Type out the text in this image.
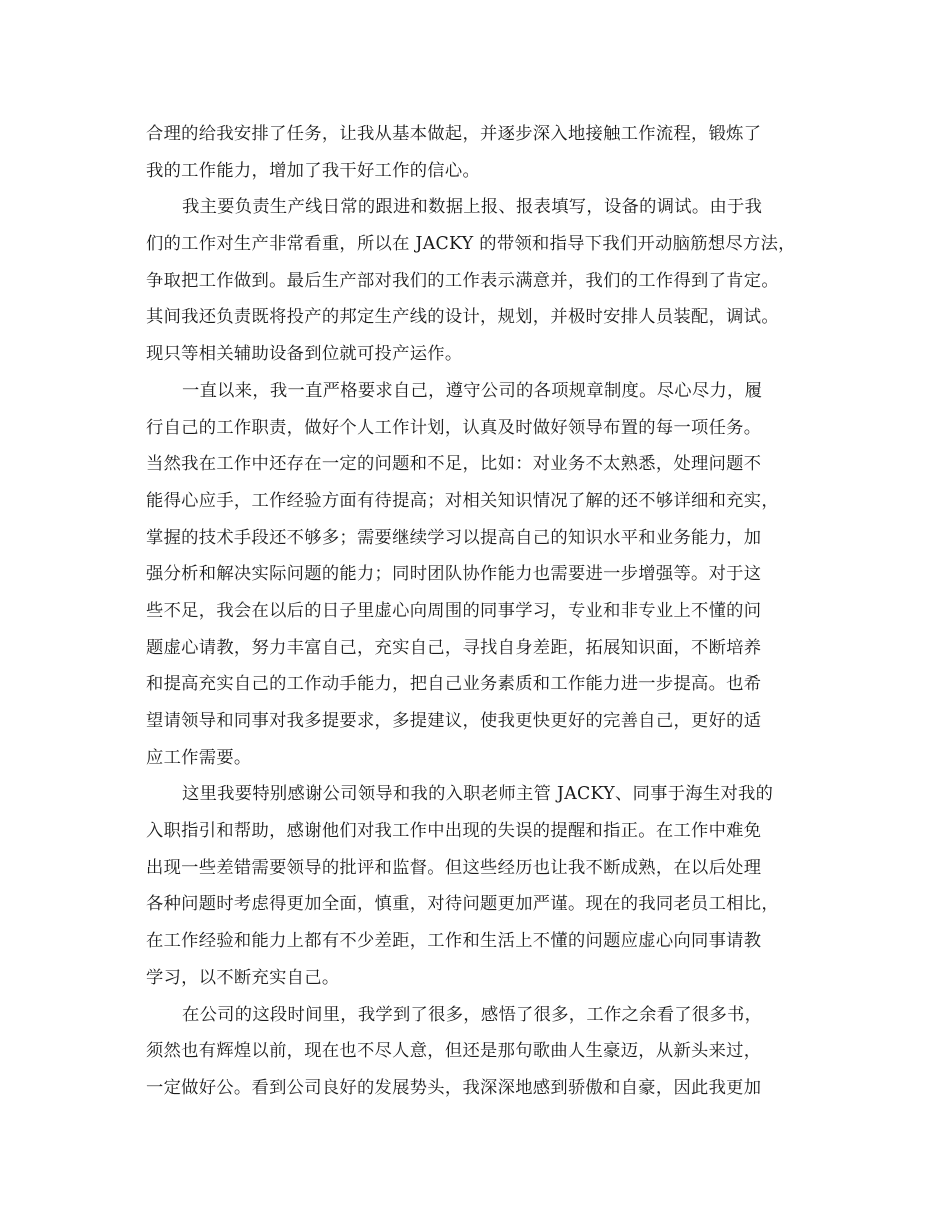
合理的给我安排了任务，让我从基本做起，并逐步深入地接触工作流程，锻炼了
我的工作能力，增加了我干好工作的信心。
我主要负责生产线日常的跟进和数据上报、报表填写，设备的调试。由于我
们的工作对生产非常看重，所以在 JACKY 的带领和指导下我们开动脑筋想尽方法，
争取把工作做到。最后生产部对我们的工作表示满意并，我们的工作得到了肯定。
其间我还负责既将投产的邦定生产线的设计，规划，并极时安排人员装配，调试。
现只等相关辅助设备到位就可投产运作。
一直以来，我一直严格要求自己，遵守公司的各项规章制度。尽心尽力，履
行自己的工作职责，做好个人工作计划，认真及时做好领导布置的每一项任务。
当然我在工作中还存在一定的问题和不足，比如：对业务不太熟悉，处理问题不
能得心应手，工作经验方面有待提高；对相关知识情况了解的还不够详细和充实，
掌握的技术手段还不够多；需要继续学习以提高自己的知识水平和业务能力，加
强分析和解决实际问题的能力；同时团队协作能力也需要进一步增强等。对于这
些不足，我会在以后的日子里虚心向周围的同事学习，专业和非专业上不懂的问
题虚心请教，努力丰富自己，充实自己，寻找自身差距，拓展知识面，不断培养
和提高充实自己的工作动手能力，把自己业务素质和工作能力进一步提高。也希
望请领导和同事对我多提要求，多提建议，使我更快更好的完善自己，更好的适
应工作需要。
这里我要特别感谢公司领导和我的入职老师主管 JACKY、同事于海生对我的
入职指引和帮助，感谢他们对我工作中出现的失误的提醒和指正。在工作中难免
出现一些差错需要领导的批评和监督。但这些经历也让我不断成熟，在以后处理
各种问题时考虑得更加全面，慎重，对待问题更加严谨。现在的我同老员工相比，
在工作经验和能力上都有不少差距，工作和生活上不懂的问题应虚心向同事请教
学习，以不断充实自己。
在公司的这段时间里，我学到了很多，感悟了很多，工作之余看了很多书，
须然也有辉煌以前，现在也不尽人意，但还是那句歌曲人生豪迈，从新头来过，
一定做好公。看到公司良好的发展势头，我深深地感到骄傲和自豪，因此我更加
